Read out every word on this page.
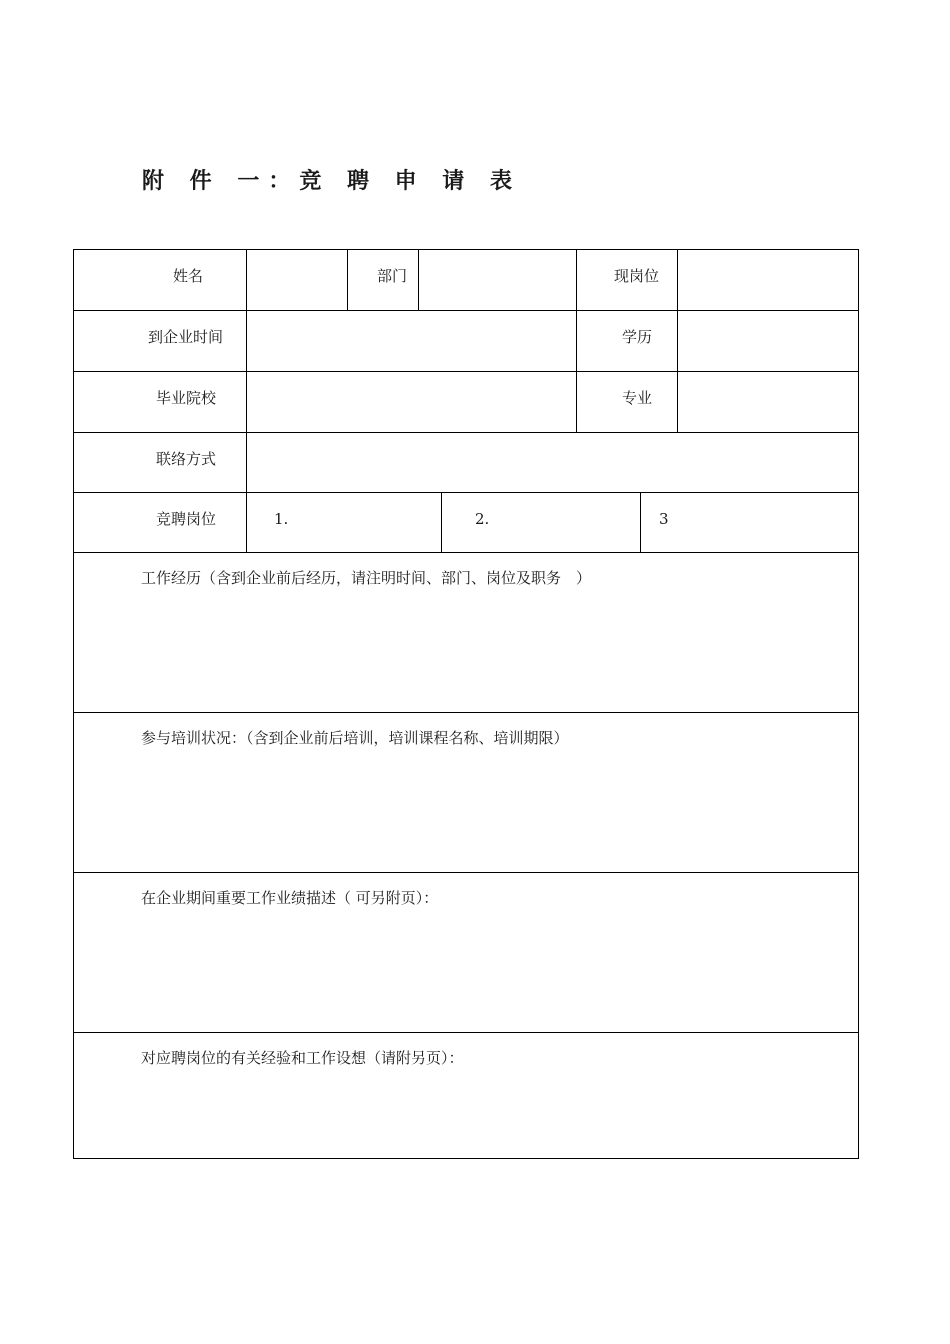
附 件 一：竞 聘 申 请 表
姓名	部门	现岗位
到企业时间	学历
毕业院校	专业
联络方式
竞聘岗位	1.	2.	3
工作经历（含到企业前后经历，请注明时间、部门、岗位及职务　）
参与培训状况：（含到企业前后培训，培训课程名称、培训期限）
在企业期间重要工作业绩描述（ 可另附页）：
对应聘岗位的有关经验和工作设想（请附另页）：
